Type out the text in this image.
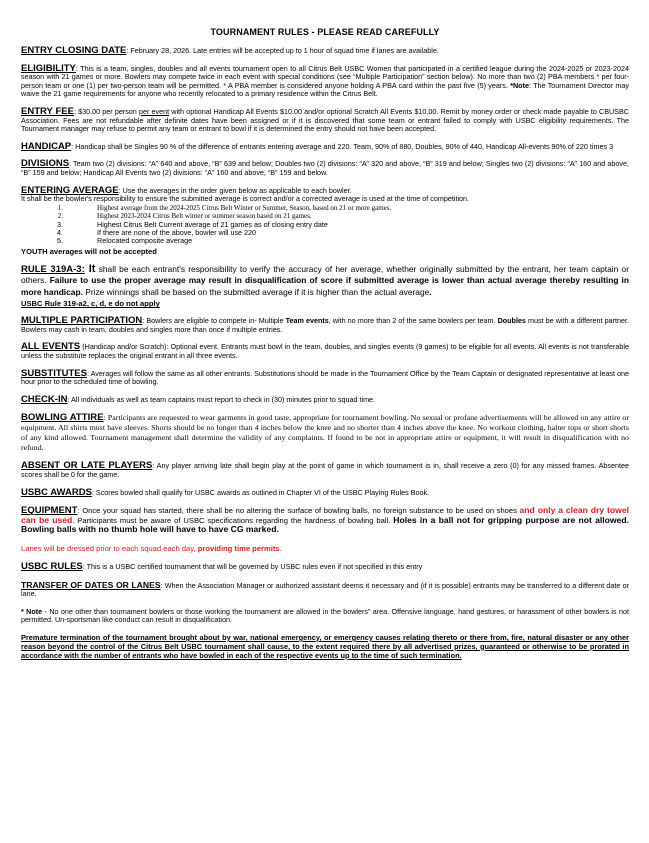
TOURNAMENT RULES - PLEASE READ CAREFULLY
ENTRY CLOSING DATE: February 28, 2026. Late entries will be accepted up to 1 hour of squad time if lanes are available.
ELIGIBILITY: This is a team, singles, doubles and all events tournament open to all Citrus Belt USBC Women that participated in a certified league during the 2024-2025 or 2023-2024 season with 21 games or more. Bowlers may compete twice in each event with special conditions (see “Multiple Participation” section below). No more than two (2) PBA members * per four-person team or one (1) per two-person team will be permitted. * A PBA member is considered anyone holding A PBA card within the past five (5) years. *Note: The Tournament Director may waive the 21 game requirements for anyone who recently relocated to a primary residence within the Citrus Belt.
ENTRY FEE: $30.00 per person per event with optional Handicap All Events $10.00 and/or optional Scratch All Events $10.00. Remit by money order or check made payable to CBUSBC Association. Fees are not refundable after definite dates have been assigned or if it is discovered that some team or entrant failed to comply with USBC eligibility requirements. The Tournament manager may refuse to permit any team or entrant to bowl if it is determined the entry should not have been accepted.
HANDICAP: Handicap shall be Singles 90 % of the difference of entrants entering average and 220. Team, 90% of 880, Doubles, 90% of 440, Handicap All-events 90% of 220 times 3
DIVISIONS: Team two (2) divisions: “A” 640 and above, “B” 639 and below; Doubles two (2) divisions: “A” 320 and above, “B” 319 and below; Singles two (2) divisions: “A” 160 and above, “B” 159 and below; Handicap All Events two (2) divisions: “A” 160 and above, “B” 159 and below.
ENTERING AVERAGE: Use the averages in the order given below as applicable to each bowler.
It shall be the bowler's responsibility to ensure the submitted average is correct and/or a corrected average is used at the time of competition.
1.	Highest average from the 2024-2025 Citrus Belt Winter or Summer, Season, based on 21 or more games.
2.	Highest 2023-2024 Citrus Belt winter or summer season based on 21 games.
3.	Highest Citrus Belt Current average of 21 games as of closing entry date
4.	If there are none of the above, bowler will use 220
5.	Relocated composite average
YOUTH averages will not be accepted
RULE 319A-3: It shall be each entrant's responsibility to verify the accuracy of her average, whether originally submitted by the entrant, her team captain or others. Failure to use the proper average may result in disqualification of score if submitted average is lower than actual average thereby resulting in more handicap. Prize winnings shall be based on the submitted average if it is higher than the actual average.
USBC Rule 319-a2, c, d, e do not apply
MULTIPLE PARTICIPATION: Bowlers are eligible to compete in- Multiple Team events, with no more than 2 of the same bowlers per team. Doubles must be with a different partner. Bowlers may cash in team, doubles and singles more than once if multiple entries.
ALL EVENTS (Handicap and/or Scratch): Optional event. Entrants must bowl in the team, doubles, and singles events (9 games) to be eligible for all events. All events is not transferable unless the substitute replaces the original entrant in all three events.
SUBSTITUTES: Averages will follow the same as all other entrants. Substitutions should be made in the Tournament Office by the Team Captain or designated representative at least one hour prior to the scheduled time of bowling.
CHECK-IN: All individuals as well as team captains must report to check in (30) minutes prior to squad time.
BOWLING ATTIRE: Participants are requested to wear garments in good taste, appropriate for tournament bowling. No sexual or profane advertisements will be allowed on any attire or equipment. All shirts must have sleeves. Shorts should be no longer than 4 inches below the knee and no shorter than 4 inches above the knee. No workout clothing, halter tops or short shorts of any kind allowed. Tournament management shall determine the validity of any complaints. If found to be not in appropriate attire or equipment, it will result in disqualification with no refund.
ABSENT OR LATE PLAYERS: Any player arriving late shall begin play at the point of game in which tournament is in, shall receive a zero (0) for any missed frames. Absentee scores shall be 0 for the game.
USBC AWARDS: Scores bowled shall qualify for USBC awards as outlined in Chapter VI of the USBC Playing Rules Book.
EQUIPMENT: Once your squad has started, there shall be no altering the surface of bowling balls, no foreign substance to be used on shoes and only a clean dry towel can be used. Participants must be aware of USBC specifications regarding the hardness of bowling ball. Holes in a ball not for gripping purpose are not allowed. Bowling balls with no thumb hole will have to have CG marked.
Lanes will be dressed prior to each squad each day, providing time permits.
USBC RULES: This is a USBC certified tournament that will be governed by USBC rules even if not specified in this entry
TRANSFER OF DATES OR LANES: When the Association Manager or authorized assistant deems it necessary and (if it is possible) entrants may be transferred to a different date or lane.
* Note - No one other than tournament bowlers or those working the tournament are allowed in the bowlers” area. Offensive language, hand gestures, or harassment of other bowlers is not permitted. Un-sportsman like conduct can result in disqualification.
Premature termination of the tournament brought about by war, national emergency, or emergency causes relating thereto or there from, fire, natural disaster or any other reason beyond the control of the Citrus Belt USBC tournament shall cause, to the extent required there by all advertised prizes, guaranteed or otherwise to be prorated in accordance with the number of entrants who have bowled in each of the respective events up to the time of such termination.
